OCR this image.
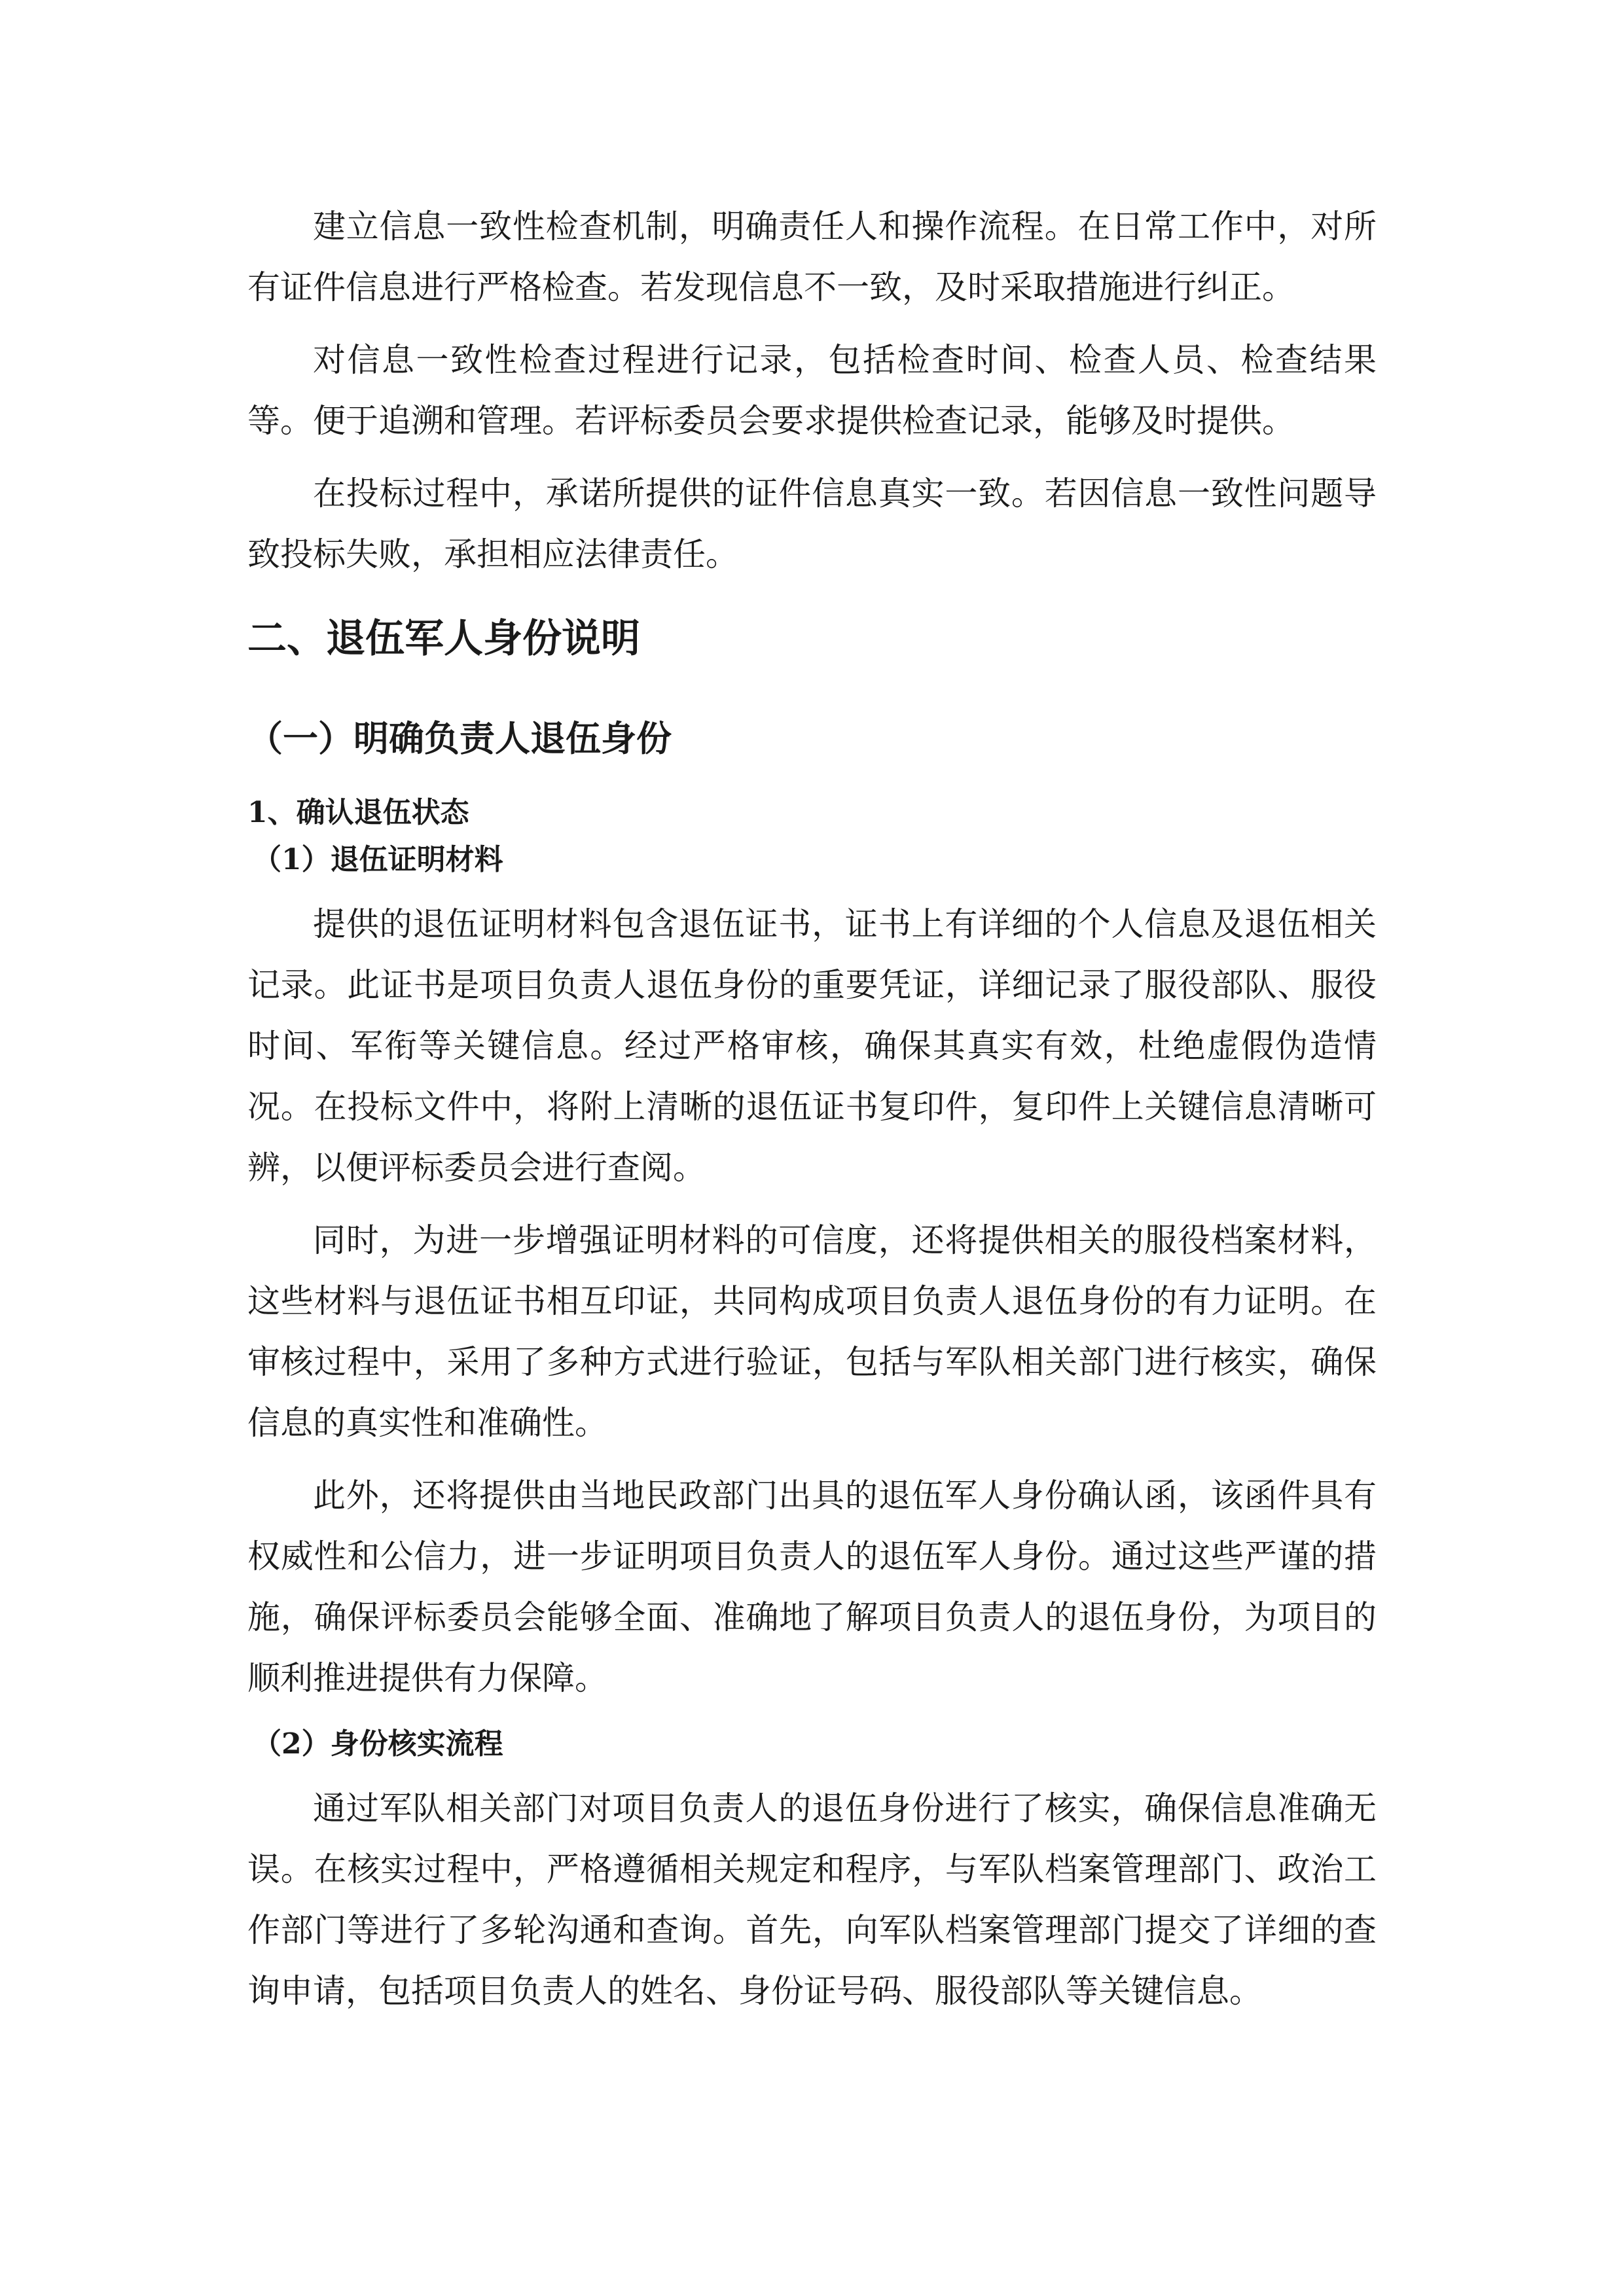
建立信息一致性检查机制，明确责任人和操作流程。在日常工作中，对所有证件信息进行严格检查。若发现信息不一致，及时采取措施进行纠正。

对信息一致性检查过程进行记录，包括检查时间、检查人员、检查结果等。便于追溯和管理。若评标委员会要求提供检查记录，能够及时提供。

在投标过程中，承诺所提供的证件信息真实一致。若因信息一致性问题导致投标失败，承担相应法律责任。

二、退伍军人身份说明
（一）明确负责人退伍身份
1、确认退伍状态
（1）退伍证明材料

提供的退伍证明材料包含退伍证书，证书上有详细的个人信息及退伍相关记录。此证书是项目负责人退伍身份的重要凭证，详细记录了服役部队、服役时间、军衔等关键信息。经过严格审核，确保其真实有效，杜绝虚假伪造情况。在投标文件中，将附上清晰的退伍证书复印件，复印件上关键信息清晰可辨，以便评标委员会进行查阅。

同时，为进一步增强证明材料的可信度，还将提供相关的服役档案材料，这些材料与退伍证书相互印证，共同构成项目负责人退伍身份的有力证明。在审核过程中，采用了多种方式进行验证，包括与军队相关部门进行核实，确保信息的真实性和准确性。

此外，还将提供由当地民政部门出具的退伍军人身份确认函，该函件具有权威性和公信力，进一步证明项目负责人的退伍军人身份。通过这些严谨的措施，确保评标委员会能够全面、准确地了解项目负责人的退伍身份，为项目的顺利推进提供有力保障。

（2）身份核实流程

通过军队相关部门对项目负责人的退伍身份进行了核实，确保信息准确无误。在核实过程中，严格遵循相关规定和程序，与军队档案管理部门、政治工作部门等进行了多轮沟通和查询。首先，向军队档案管理部门提交了详细的查询申请，包括项目负责人的姓名、身份证号码、服役部队等关键信息。
